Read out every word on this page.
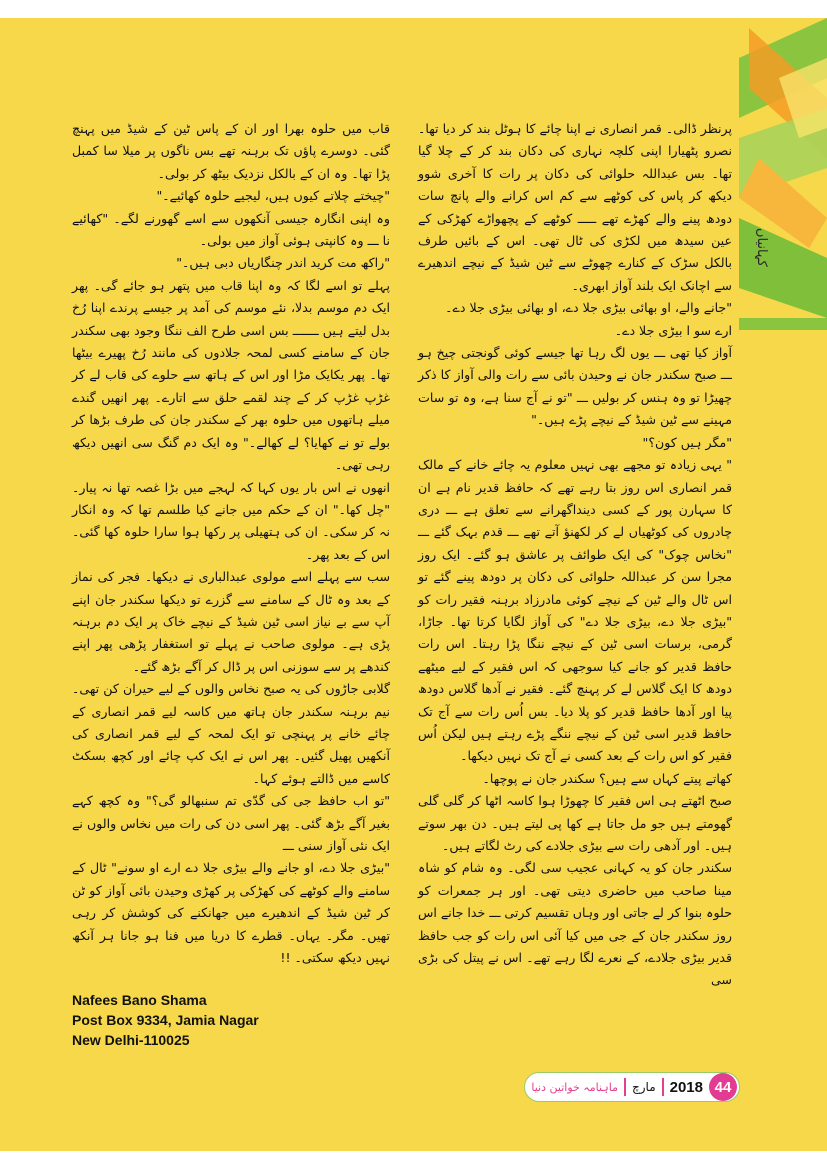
کہانیاں

پرنظر ڈالی۔ قمر انصاری نے اپنا چائے کا ہوٹل بند کر دیا تھا۔ نصرو پٹھیارا اپنی کلچہ نہاری کی دکان بند کر کے چلا گیا تھا۔ بس عبداللہ حلوائی کی دکان پر رات کا آخری شوو دیکھ کر پاس کی کوٹھے سے کم اس کرانے والے پانچ سات دودھ پینے والے کھڑے تھے ـــــ کوٹھے کے پچھواڑے کھڑکی کے عین سیدھ میں لکڑی کی ٹال تھی۔ اس کے بائیں طرف بالکل سڑک کے کنارے چھوٹے سے ٹین شیڈ کے نیچے اندھیرے سے اچانک ایک بلند آواز ابھری۔

"جانے والے، او بھائی بیڑی جلا دے، او بھائی بیڑی جلا دے۔

ارے سو ا بیڑی جلا دے۔

آواز کیا تھی ـــ یوں لگ رہا تھا جیسے کوئی گونجتی چیخ ہو ـــ صبح سکندر جان نے وحیدن بائی سے رات والی آواز کا ذکر چھیڑا تو وہ ہنس کر بولیں ـــ "تو نے آج سنا ہے، وہ تو سات مہینے سے ٹین شیڈ کے نیچے پڑے ہیں۔"

"مگر ہیں کون؟"

" یہی زیادہ تو مجھے بھی نہیں معلوم یہ چائے خانے کے مالک قمر انصاری اس روز بتا رہے تھے کہ حافظ قدیر نام ہے ان کا سہارن پور کے کسی دینداگھرانے سے تعلق ہے ـــ دری چادروں کی کوٹھیاں لے کر لکھنؤ آتے تھے ـــ قدم بہک گئے ـــ "نخاس چوک" کی ایک طوائف پر عاشق ہو گئے۔ ایک روز مجرا سن کر عبداللہ حلوائی کی دکان پر دودھ پینے گئے تو اس ٹال والے ٹین کے نیچے کوئی مادرزاد برہنہ فقیر رات کو "بیڑی جلا دے، بیڑی جلا دے" کی آواز لگایا کرتا تھا۔ جاڑا، گرمی، برسات اسی ٹین کے نیچے ننگا پڑا رہتا۔ اس رات حافظ قدیر کو جانے کیا سوجھی کہ اس فقیر کے لیے میٹھے دودھ کا ایک گلاس لے کر پہنچ گئے۔ فقیر نے آدھا گلاس دودھ پیا اور آدھا حافظ قدیر کو پلا دیا۔ بس اُس رات سے آج تک حافظ قدیر اسی ٹین کے نیچے ننگے پڑے رہتے ہیں لیکن اُس فقیر کو اس رات کے بعد کسی نے آج تک نہیں دیکھا۔

کھاتے پیتے کہاں سے ہیں؟ سکندر جان نے پوچھا۔

صبح اٹھتے ہی اس فقیر کا چھوڑا ہوا کاسہ اٹھا کر گلی گلی گھومتے ہیں جو مل جاتا ہے کھا پی لیتے ہیں۔ دن بھر سوتے ہیں۔ اور آدھی رات سے بیڑی جلادے کی رٹ لگاتے ہیں۔

سکندر جان کو یہ کہانی عجیب سی لگی۔ وہ شام کو شاہ مینا صاحب میں حاضری دیتی تھی۔ اور ہر جمعرات کو حلوہ بنوا کر لے جاتی اور وہاں تقسیم کرتی ـــ خدا جانے اس روز سکندر جان کے جی میں کیا آئی اس رات کو جب حافظ قدیر بیڑی جلادے، کے نعرے لگا رہے تھے۔ اس نے پیتل کی بڑی سی

قاب میں حلوہ بھرا اور ان کے پاس ٹین کے شیڈ میں پہنچ گئی۔ دوسرے پاؤں تک برہنہ تھے بس ناگوں پر میلا سا کمبل پڑا تھا۔ وہ ان کے بالکل نزدیک بیٹھ کر بولی۔

"چیختے چلاتے کیوں ہیں، لیجیے حلوہ کھائیے۔"

وہ اپنی انگارہ جیسی آنکھوں سے اسے گھورنے لگے۔ "کھائیے نا ـــ وہ کانپتی ہوئی آواز میں بولی۔

"راکھ مت کرید اندر چنگاریاں دبی ہیں۔"

پہلے تو اسے لگا کہ وہ اپنا قاب میں پتھر ہو جائے گی۔ پھر ایک دم موسم بدلا، نئے موسم کی آمد پر جیسے پرندے اپنا رُخ بدل لیتے ہیں ـــــــ بس اسی طرح الف ننگا وجود بھی سکندر جان کے سامنے کسی لمحہ جلادوں کی مانند رُخ پھیرے بیٹھا تھا۔ پھر یکایک مڑا اور اس کے ہاتھ سے حلوے کی قاب لے کر غڑپ غڑپ کر کے چند لقمے حلق سے اتارے۔ پھر انھیں گندے میلے ہاتھوں میں حلوہ بھر کے سکندر جان کی طرف بڑھا کر بولے تو نے کھایا؟ لے کھالے۔" وہ ایک دم گنگ سی انھیں دیکھ رہی تھی۔

انھوں نے اس بار یوں کہا کہ لہجے میں بڑا غصہ تھا نہ پیار۔ "چل کھا۔" ان کے حکم میں جانے کیا طلسم تھا کہ وہ انکار نہ کر سکی۔ ان کی ہتھیلی پر رکھا ہوا سارا حلوہ کھا گئی۔ اس کے بعد پھر۔

سب سے پہلے اسے مولوی عبدالباری نے دیکھا۔ فجر کی نماز کے بعد وہ ٹال کے سامنے سے گزرے تو دیکھا سکندر جان اپنے آپ سے بے نیاز اسی ٹین شیڈ کے نیچے خاک پر ایک دم برہنہ پڑی ہے۔ مولوی صاحب نے پہلے تو استغفار پڑھی پھر اپنے کندھے پر سے سوزنی اس پر ڈال کر آگے بڑھ گئے۔

گلابی جاڑوں کی یہ صبح نخاس والوں کے لیے حیران کن تھی۔ نیم برہنہ سکندر جان ہاتھ میں کاسہ لیے قمر انصاری کے چائے خانے پر پہنچی تو ایک لمحہ کے لیے قمر انصاری کی آنکھیں پھیل گئیں۔ پھر اس نے ایک کپ چائے اور کچھ بسکٹ کاسے میں ڈالتے ہوئے کہا۔

"تو اب حافظ جی کی گدّی تم سنبھالو گی؟" وہ کچھ کہے بغیر آگے بڑھ گئی۔ پھر اسی دن کی رات میں نخاس والوں نے ایک نئی آواز سنی ـــ

"بیڑی جلا دے، او جانے والے بیڑی جلا دے ارے او سونے" ٹال کے سامنے والے کوٹھے کی کھڑکی پر کھڑی وحیدن بائی آواز کو ٹن کر ٹین شیڈ کے اندھیرے میں جھانکنے کی کوشش کر رہی تھیں۔ مگر۔ یہاں۔ قطرے کا دریا میں فنا ہو جانا ہر آنکھ نہیں دیکھ سکتی۔ !!

Nafees Bano Shama
Post Box 9334, Jamia Nagar
New Delhi-110025
ماہنامہ خواتین دنیا مارچ 2018 44
